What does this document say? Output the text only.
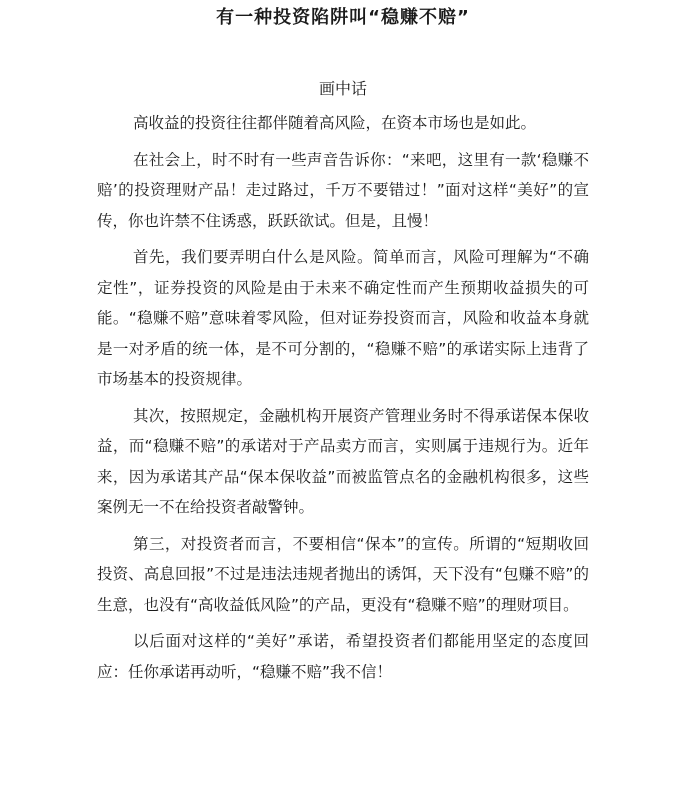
有一种投资陷阱叫“稳赚不赔”
画中话

高收益的投资往往都伴随着高风险，在资本市场也是如此。

在社会上，时不时有一些声音告诉你：“来吧，这里有一款‘稳赚不赔’的投资理财产品！走过路过，千万不要错过！”面对这样“美好”的宣传，你也许禁不住诱惑，跃跃欲试。但是，且慢！

首先，我们要弄明白什么是风险。简单而言，风险可理解为“不确定性”，证券投资的风险是由于未来不确定性而产生预期收益损失的可能。“稳赚不赔”意味着零风险，但对证券投资而言，风险和收益本身就是一对矛盾的统一体，是不可分割的，“稳赚不赔”的承诺实际上违背了市场基本的投资规律。

其次，按照规定，金融机构开展资产管理业务时不得承诺保本保收益，而“稳赚不赔”的承诺对于产品卖方而言，实则属于违规行为。近年来，因为承诺其产品“保本保收益”而被监管点名的金融机构很多，这些案例无一不在给投资者敲警钟。

第三，对投资者而言，不要相信“保本”的宣传。所谓的“短期收回投资、高息回报”不过是违法违规者抛出的诱饵，天下没有“包赚不赔”的生意，也没有“高收益低风险”的产品，更没有“稳赚不赔”的理财项目。

以后面对这样的“美好”承诺，希望投资者们都能用坚定的态度回应：任你承诺再动听，“稳赚不赔”我不信！
